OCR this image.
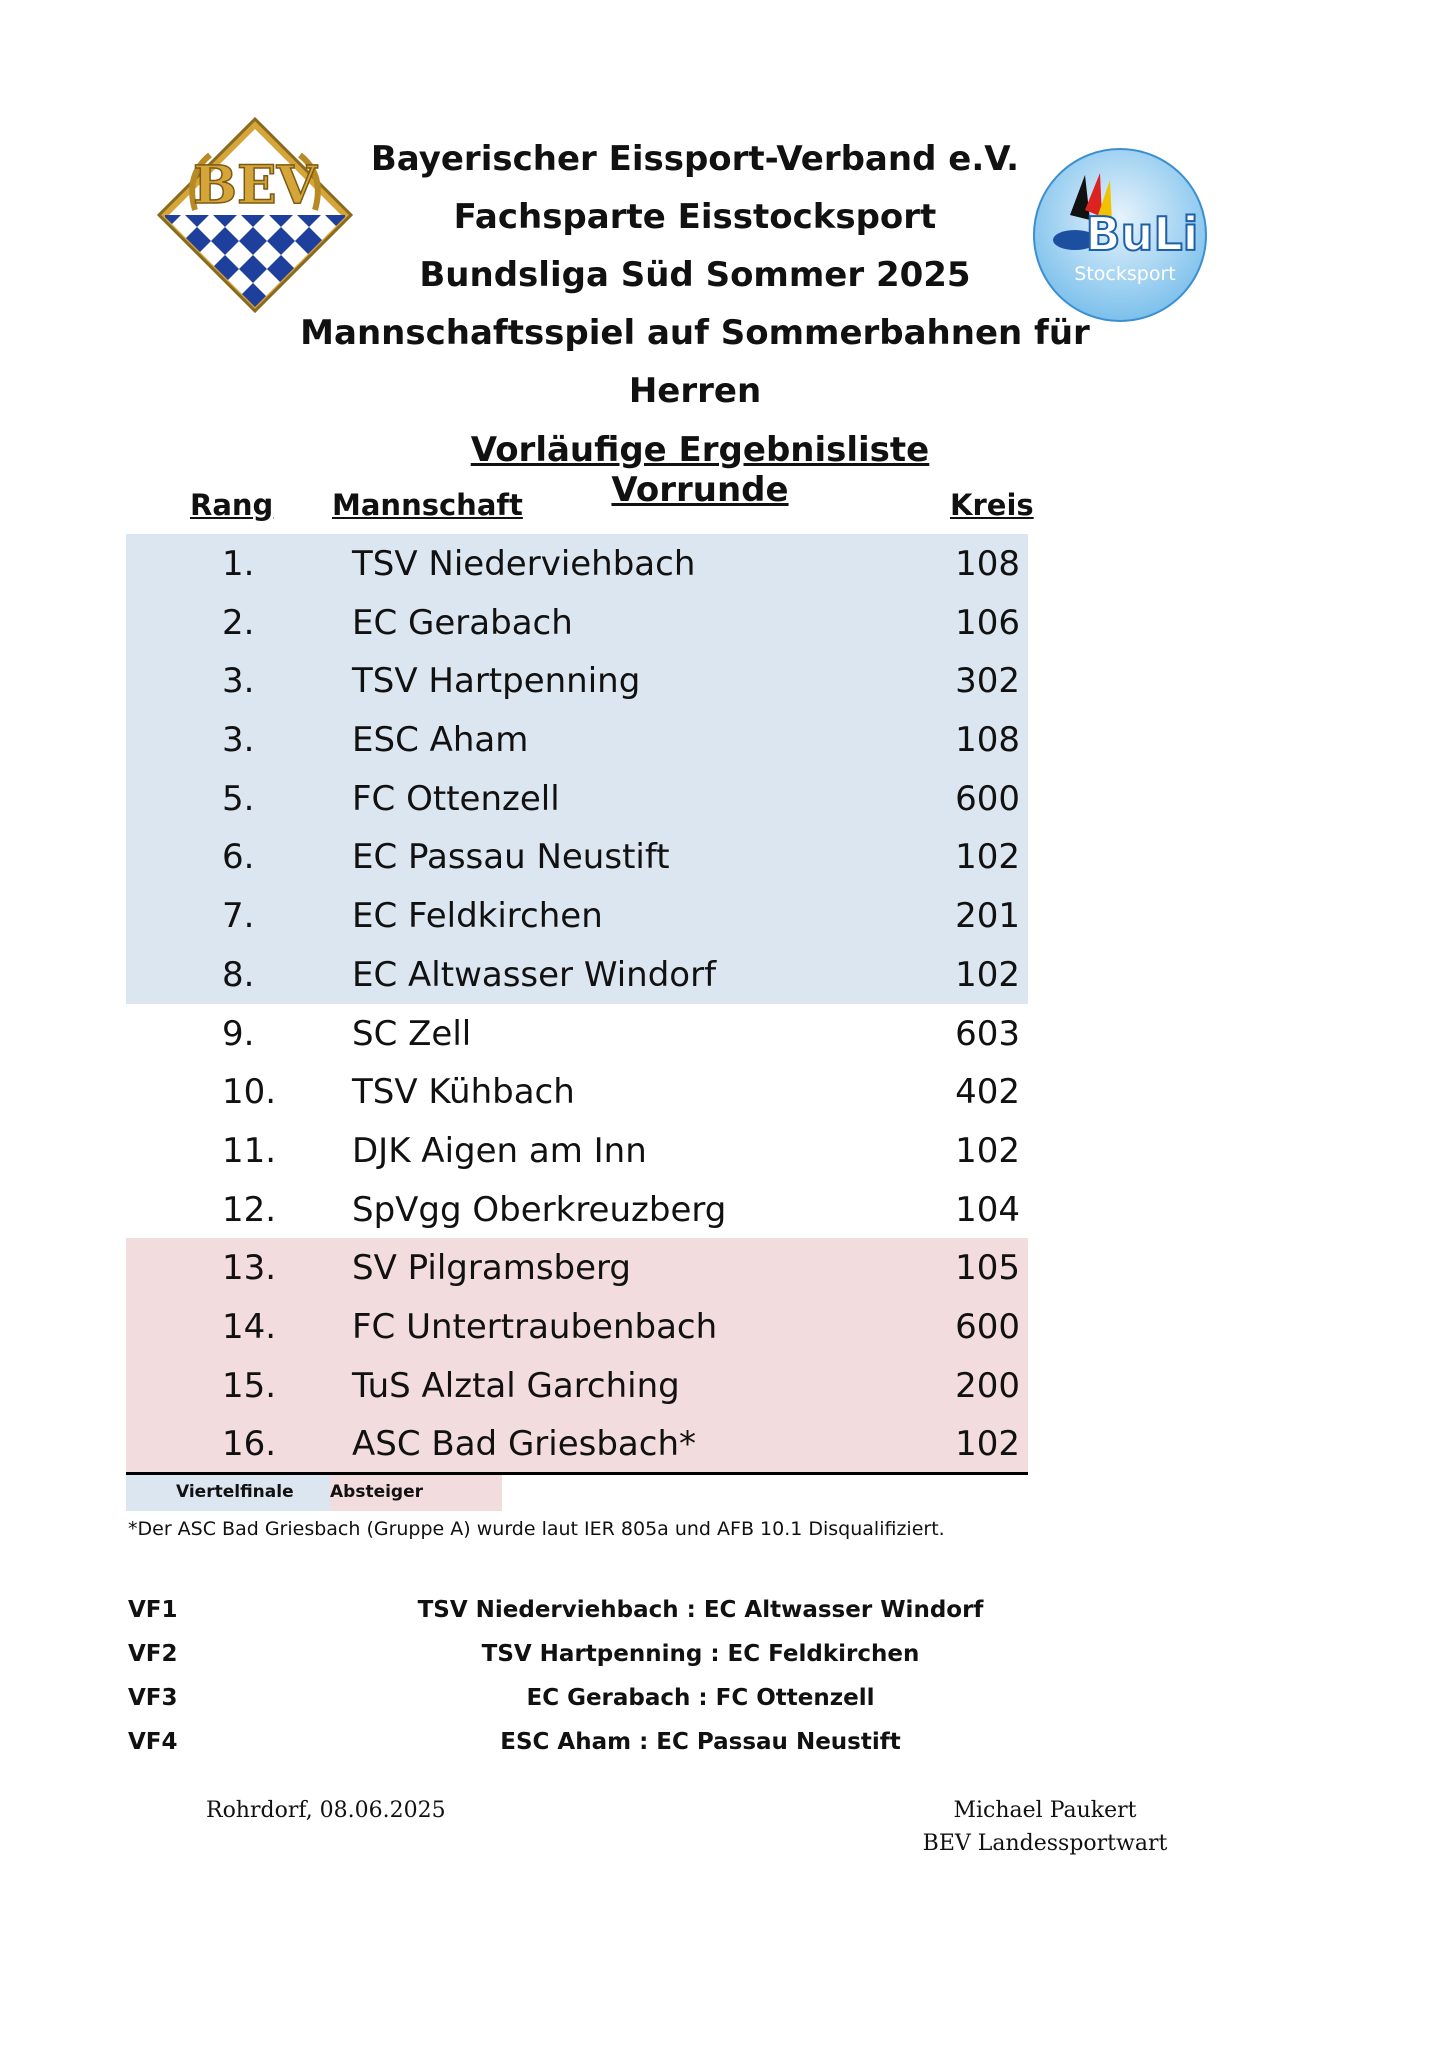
BEV
BuLi
Stocksport
Bayerischer Eissport-Verband e.V.
Fachsparte Eisstocksport
Bundsliga Süd Sommer 2025
Mannschaftsspiel auf Sommerbahnen für Herren
Vorläufige Ergebnisliste Vorrunde
Rang Mannschaft	Kreis
1.	TSV Niederviehbach	108
2.	EC Gerabach	106
3.	TSV Hartpenning	302
3.	ESC Aham	108
5.	FC Ottenzell	600
6.	EC Passau Neustift	102
7.	EC Feldkirchen	201
8.	EC Altwasser Windorf	102
9.	SC Zell	603
10. TSV Kühbach	402
11. DJK Aigen am Inn	102
12. SpVgg Oberkreuzberg	104
13. SV Pilgramsberg	105
14. FC Untertraubenbach	600
15. TuS Alztal Garching	200
16. ASC Bad Griesbach*	102
Viertelfinale Absteiger
*Der ASC Bad Griesbach (Gruppe A) wurde laut IER 805a und AFB 10.1 Disqualifiziert.
VF1	TSV Niederviehbach : EC Altwasser Windorf
VF2	TSV Hartpenning : EC Feldkirchen
VF3	EC Gerabach : FC Ottenzell
VF4	ESC Aham : EC Passau Neustift
Rohrdorf, 08.06.2025	Michael Paukert
BEV Landessportwart
